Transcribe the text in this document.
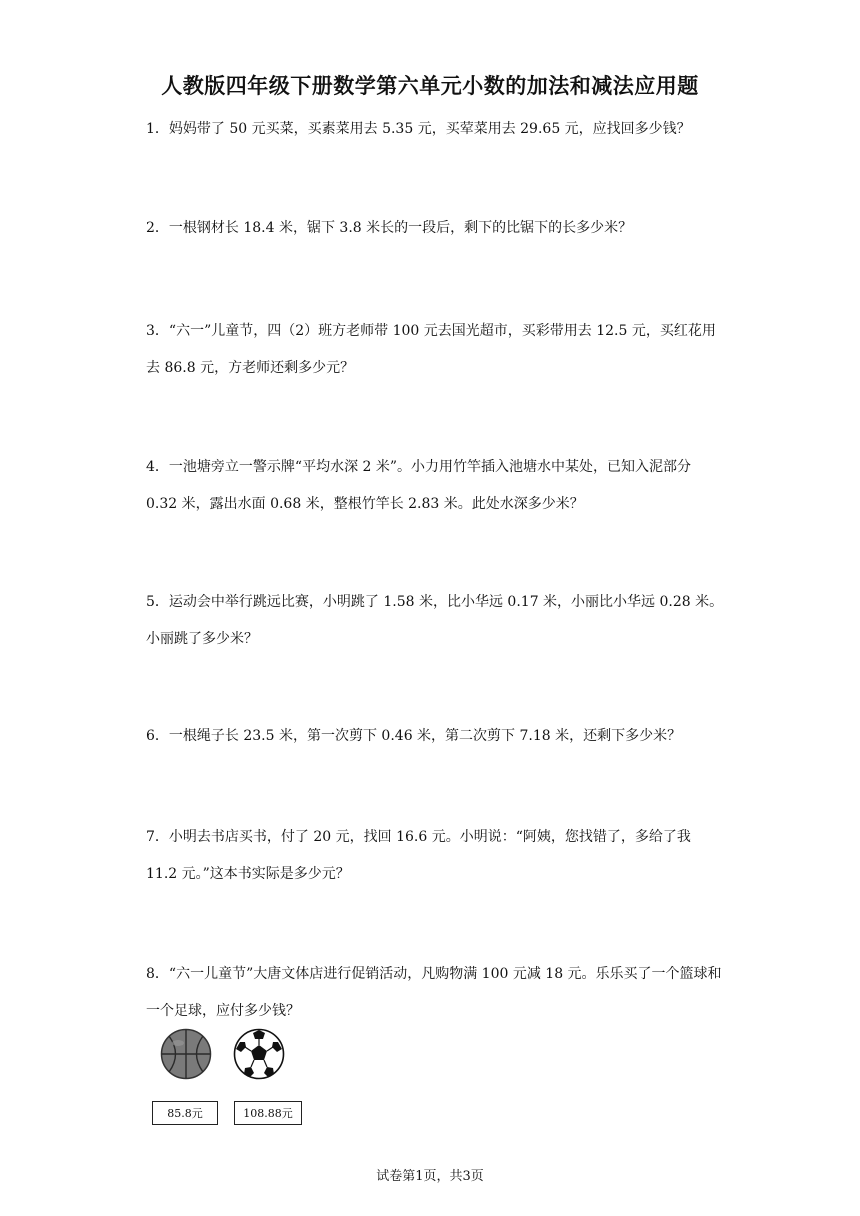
人教版四年级下册数学第六单元小数的加法和减法应用题
1．妈妈带了 50 元买菜，买素菜用去 5.35 元，买荤菜用去 29.65 元，应找回多少钱？
2．一根钢材长 18.4 米，锯下 3.8 米长的一段后，剩下的比锯下的长多少米？
3．“六一”儿童节，四（2）班方老师带 100 元去国光超市，买彩带用去 12.5 元，买红花用去 86.8 元，方老师还剩多少元？
4．一池塘旁立一警示牌“平均水深 2 米”。小力用竹竿插入池塘水中某处，已知入泥部分 0.32 米，露出水面 0.68 米，整根竹竿长 2.83 米。此处水深多少米？
5．运动会中举行跳远比赛，小明跳了 1.58 米，比小华远 0.17 米，小丽比小华远 0.28 米。小丽跳了多少米？
6．一根绳子长 23.5 米，第一次剪下 0.46 米，第二次剪下 7.18 米，还剩下多少米？
7．小明去书店买书，付了 20 元，找回 16.6 元。小明说：“阿姨，您找错了，多给了我 11.2 元。”这本书实际是多少元？
8．“六一儿童节”大唐文体店进行促销活动，凡购物满 100 元减 18 元。乐乐买了一个篮球和一个足球，应付多少钱？
85.8元	108.88元
试卷第1页，共3页
